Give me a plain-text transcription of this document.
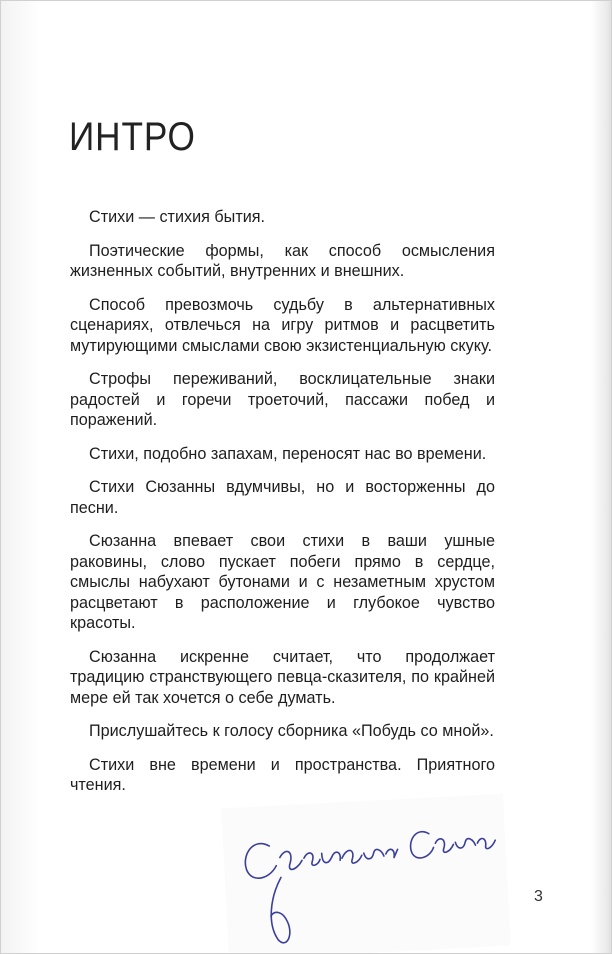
ИНТРО

Стихи — стихия бытия.

Поэтические формы, как способ осмысления жизненных событий, внутренних и внешних.

Способ превозмочь судьбу в альтернативных сценариях, отвлечься на игру ритмов и расцветить мутирующими смыслами свою экзистенциальную скуку.

Строфы переживаний, восклицательные знаки радостей и горечи троеточий, пассажи побед и поражений.

Стихи, подобно запахам, переносят нас во времени.

Стихи Сюзанны вдумчивы, но и восторженны до песни.

Сюзанна впевает свои стихи в ваши ушные раковины, слово пускает побеги прямо в сердце, смыслы набухают бутонами и с незаметным хрустом расцветают в расположение и глубокое чувство красоты.

Сюзанна искренне считает, что продолжает традицию странствующего певца-сказителя, по крайней мере ей так хочется о себе думать.

Прислушайтесь к голосу сборника «Побудь со мной».

Стихи вне времени и пространства. Приятного чтения.

3
